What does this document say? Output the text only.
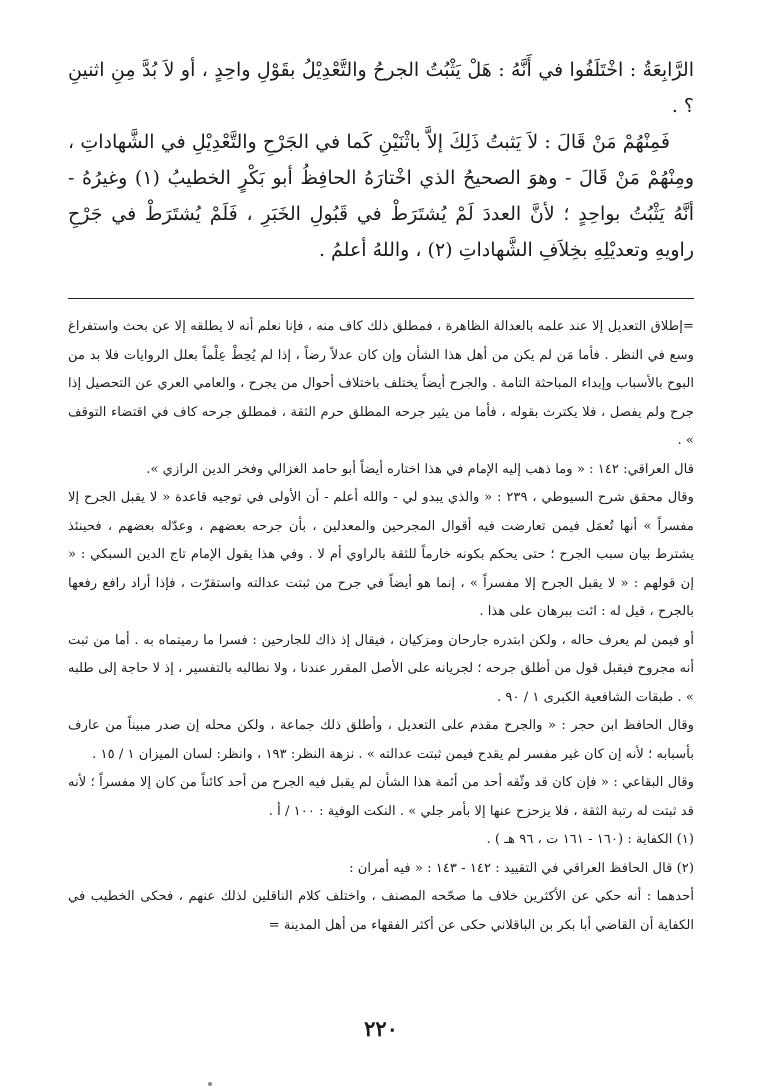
الرَّابِعَةُ : اخْتَلَفُوا في أَنَّهُ : هَلْ يَثْبُتُ الجرحُ والتَّعْدِيْلُ بقَوْلِ واحِدٍ ، أو لاَ بُدَّ مِنِ اثنينِ ؟ .

فَمِنْهُمْ مَنْ قَالَ : لاَ يَثبتُ ذَلِكَ إلاَّ باثْنَيْنِ كَما في الجَرْحِ والتَّعْدِيْلِ في الشَّهاداتِ ، ومِنْهُمْ مَنْ قَالَ - وهوَ الصحيحُ الذي اخْتارَهُ الحافِظُ أبو بَكْرٍ الخطيبُ (١) وغيرُهُ - أنَّهُ يَثْبُتُ بواحِدٍ ؛ لأنَّ العددَ لَمْ يُشتَرَطْ في قَبُولِ الخَبَرِ ، فَلَمْ يُشتَرَطْ في جَرْحِ راويهِ وتعديْلِهِ بخِلاَفِ الشَّهاداتِ (٢) ، واللهُ أعلمُ .

=إطلاق التعديل إلا عند علمه بالعدالة الظاهرة ، فمطلق ذلك كاف منه ، فإنا نعلم أنه لا يطلقه إلا عن بحث واستفراغ وسع في النظر . فأما مَن لم يكن من أهل هذا الشأن وإن كان عدلاً رضاً ، إذا لم يُحِطْ عِلْماً بعلل الروايات فلا بد من البوح بالأسباب وإبداء المباحثة التامة . والجرح أيضاً يختلف باختلاف أحوال من يجرح ، والعامي العري عن التحصيل إذا جرح ولم يفصل ، فلا يكترث بقوله ، فأما من يثير جرحه المطلق حرم الثقة ، فمطلق جرحه كاف في اقتضاء التوقف » .

قال العراقي: ١٤٢ : « وما ذهب إليه الإمام في هذا اختاره أيضاً أبو حامد الغزالي وفخر الدين الرازي ».

وقال محقق شرح السيوطي ، ٢٣٩ : « والذي يبدو لي - والله أعلم - أن الأولى في توجيه قاعدة « لا يقبل الجرح إلا مفسراً » أنها تُعمَل فيمن تعارضت فيه أقوال المجرحين والمعدلين ، بأن جرحه بعضهم ، وعدّله بعضهم ، فحينئذ يشترط بيان سبب الجرح ؛ حتى يحكم بكونه خارماً للثقة بالراوي أم لا . وفي هذا يقول الإمام تاج الدين السبكي : « إن قولهم : « لا يقبل الجرح إلا مفسراً » ، إنما هو أيضاً في جرح من ثبتت عدالته واستقرّت ، فإذا أراد رافع رفعها بالجرح ، قيل له : ائت ببرهان على هذا .

أو فيمن لم يعرف حاله ، ولكن ابتدره جارحان ومزكيان ، فيقال إذ ذاك للجارحين : فسرا ما رميتماه به . أما من ثبت أنه مجروح فيقبل قول من أطلق جرحه ؛ لجريانه على الأصل المقرر عندنا ، ولا نطالبه بالتفسير ، إذ لا حاجة إلى طلبه » . طبقات الشافعية الكبرى ١ / ٩٠ .

وقال الحافظ ابن حجر : « والجرح مقدم على التعديل ، وأطلق ذلك جماعة ، ولكن محله إن صدر مبيناً من عارف بأسبابه ؛ لأنه إن كان غير مفسر لم يقدح فيمن ثبتت عدالته » . نزهة النظر: ١٩٣ ، وانظر: لسان الميزان ١ / ١٥ .

وقال البقاعي : « فإن كان قد وثّقه أحد من أئمة هذا الشأن لم يقبل فيه الجرح من أحد كائناً من كان إلا مفسراً ؛ لأنه قد ثبتت له رتبة الثقة ، فلا يزحزح عنها إلا بأمر جلي » . النكت الوفية : ١٠٠ / أ .

(١) الكفاية : (١٦٠ - ١٦١ ت ، ٩٦ هـ ) .

(٢) قال الحافظ العراقي في التقييد : ١٤٢ - ١٤٣ : « فيه أمران :

أحدهما : أنه حكي عن الأكثرين خلاف ما صحّحه المصنف ، واختلف كلام الناقلين لذلك عنهم ، فحكى الخطيب في الكفاية أن القاضي أبا بكر بن الباقلاني حكى عن أكثر الفقهاء من أهل المدينة =

٢٢٠
